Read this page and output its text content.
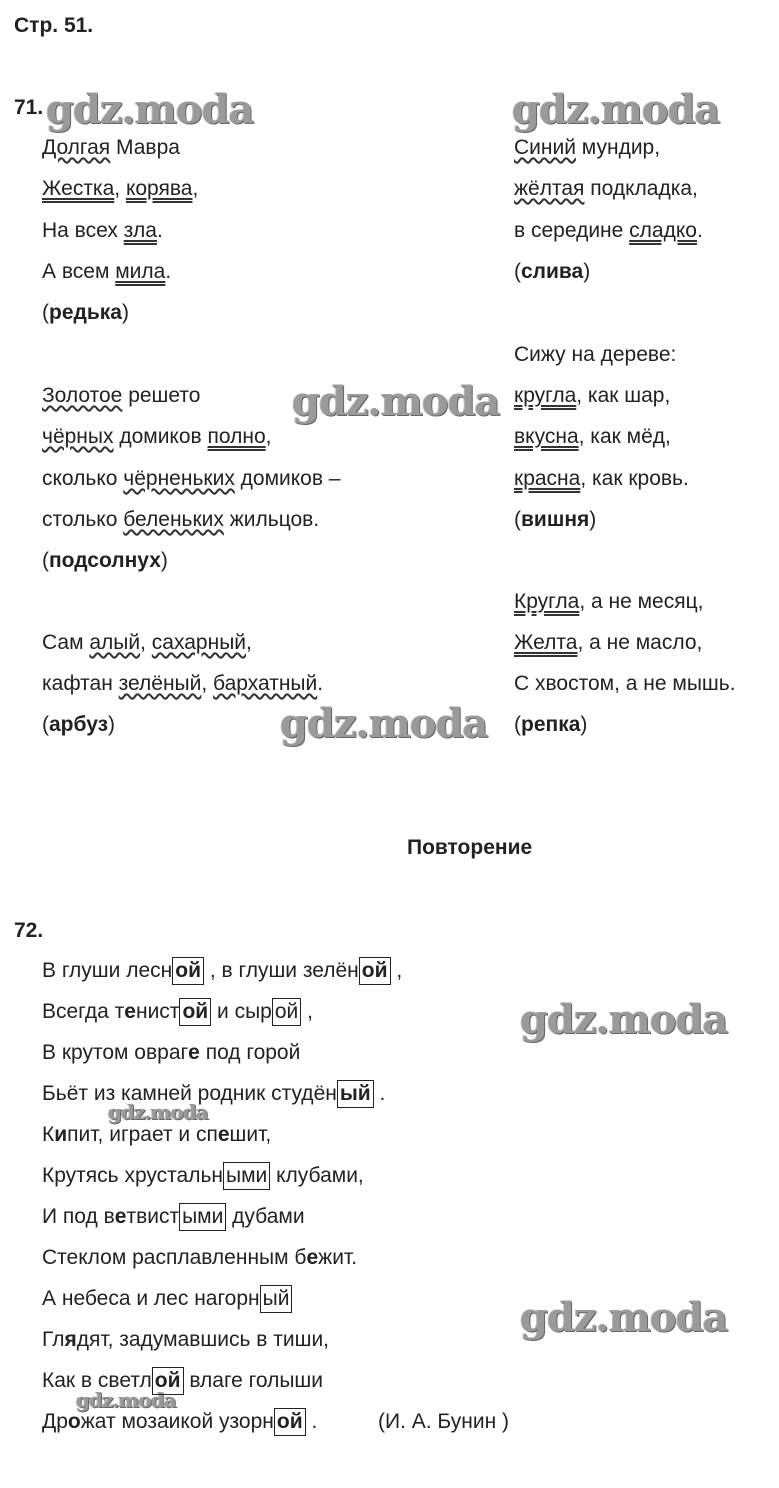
gdz.moda	gdz.moda
gdz.moda
gdz.moda
gdz.moda
gdz.moda
gdz.moda
gdz.moda
Стр. 51.
71.
Долгая Мавра
Жестка, корява,
На всех зла.
А всем мила.
(редька)
Золотое решето
чёрных домиков полно,
сколько чёрненьких домиков –
столько беленьких жильцов.
(подсолнух)
Сам алый, сахарный,
кафтан зелёный, бархатный.
(арбуз)
Синий мундир,
жёлтая подкладка,
в середине сладко.
(слива)
Сижу на дереве:
кругла, как шар,
вкусна, как мёд,
красна, как кровь.
(вишня)
Кругла, а не месяц,
Желта, а не масло,
С хвостом, а не мышь.
(репка)
Повторение
72.
В глуши лесн ой , в глуши зелён ой ,
Всегда тенист ой и сыр ой ,
В крутом овраге под горой
Бьёт из камней родник студён ый .
Кипит, играет и спешит,
Крутясь хрустальн ыми клубами,
И под ветвист ыми дубами
Стеклом расплавленным бежит.
А небеса и лес нагорн ый
Глядят, задумавшись в тиши,
Как в светл ой влаге голыши
Дрожат мозаикой узорн ой .	(И. А. Бунин )
